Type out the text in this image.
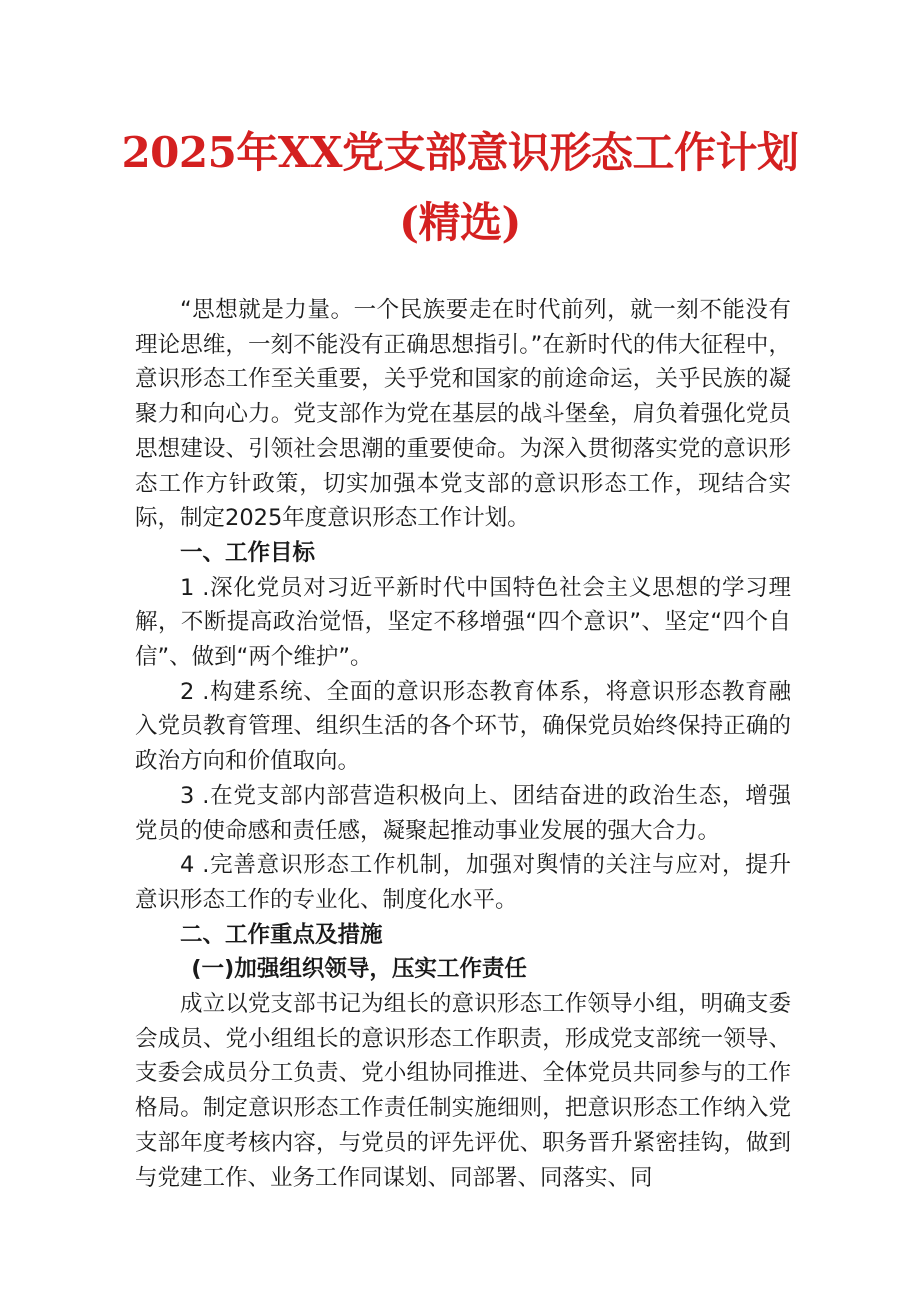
2025年XX党支部意识形态工作计划(精选)

“思想就是力量。一个民族要走在时代前列，就一刻不能没有理论思维，一刻不能没有正确思想指引。”在新时代的伟大征程中，意识形态工作至关重要，关乎党和国家的前途命运，关乎民族的凝聚力和向心力。党支部作为党在基层的战斗堡垒，肩负着强化党员思想建设、引领社会思潮的重要使命。为深入贯彻落实党的意识形态工作方针政策，切实加强本党支部的意识形态工作，现结合实际，制定2025年度意识形态工作计划。

一、工作目标

1 .深化党员对习近平新时代中国特色社会主义思想的学习理解，不断提高政治觉悟，坚定不移增强“四个意识”、坚定“四个自信”、做到“两个维护”。

2 .构建系统、全面的意识形态教育体系，将意识形态教育融入党员教育管理、组织生活的各个环节，确保党员始终保持正确的政治方向和价值取向。

3 .在党支部内部营造积极向上、团结奋进的政治生态，增强党员的使命感和责任感，凝聚起推动事业发展的强大合力。

4 .完善意识形态工作机制，加强对舆情的关注与应对，提升意识形态工作的专业化、制度化水平。

二、工作重点及措施

(一)加强组织领导，压实工作责任

成立以党支部书记为组长的意识形态工作领导小组，明确支委会成员、党小组组长的意识形态工作职责，形成党支部统一领导、支委会成员分工负责、党小组协同推进、全体党员共同参与的工作格局。制定意识形态工作责任制实施细则，把意识形态工作纳入党支部年度考核内容，与党员的评先评优、职务晋升紧密挂钩，做到与党建工作、业务工作同谋划、同部署、同落实、同
